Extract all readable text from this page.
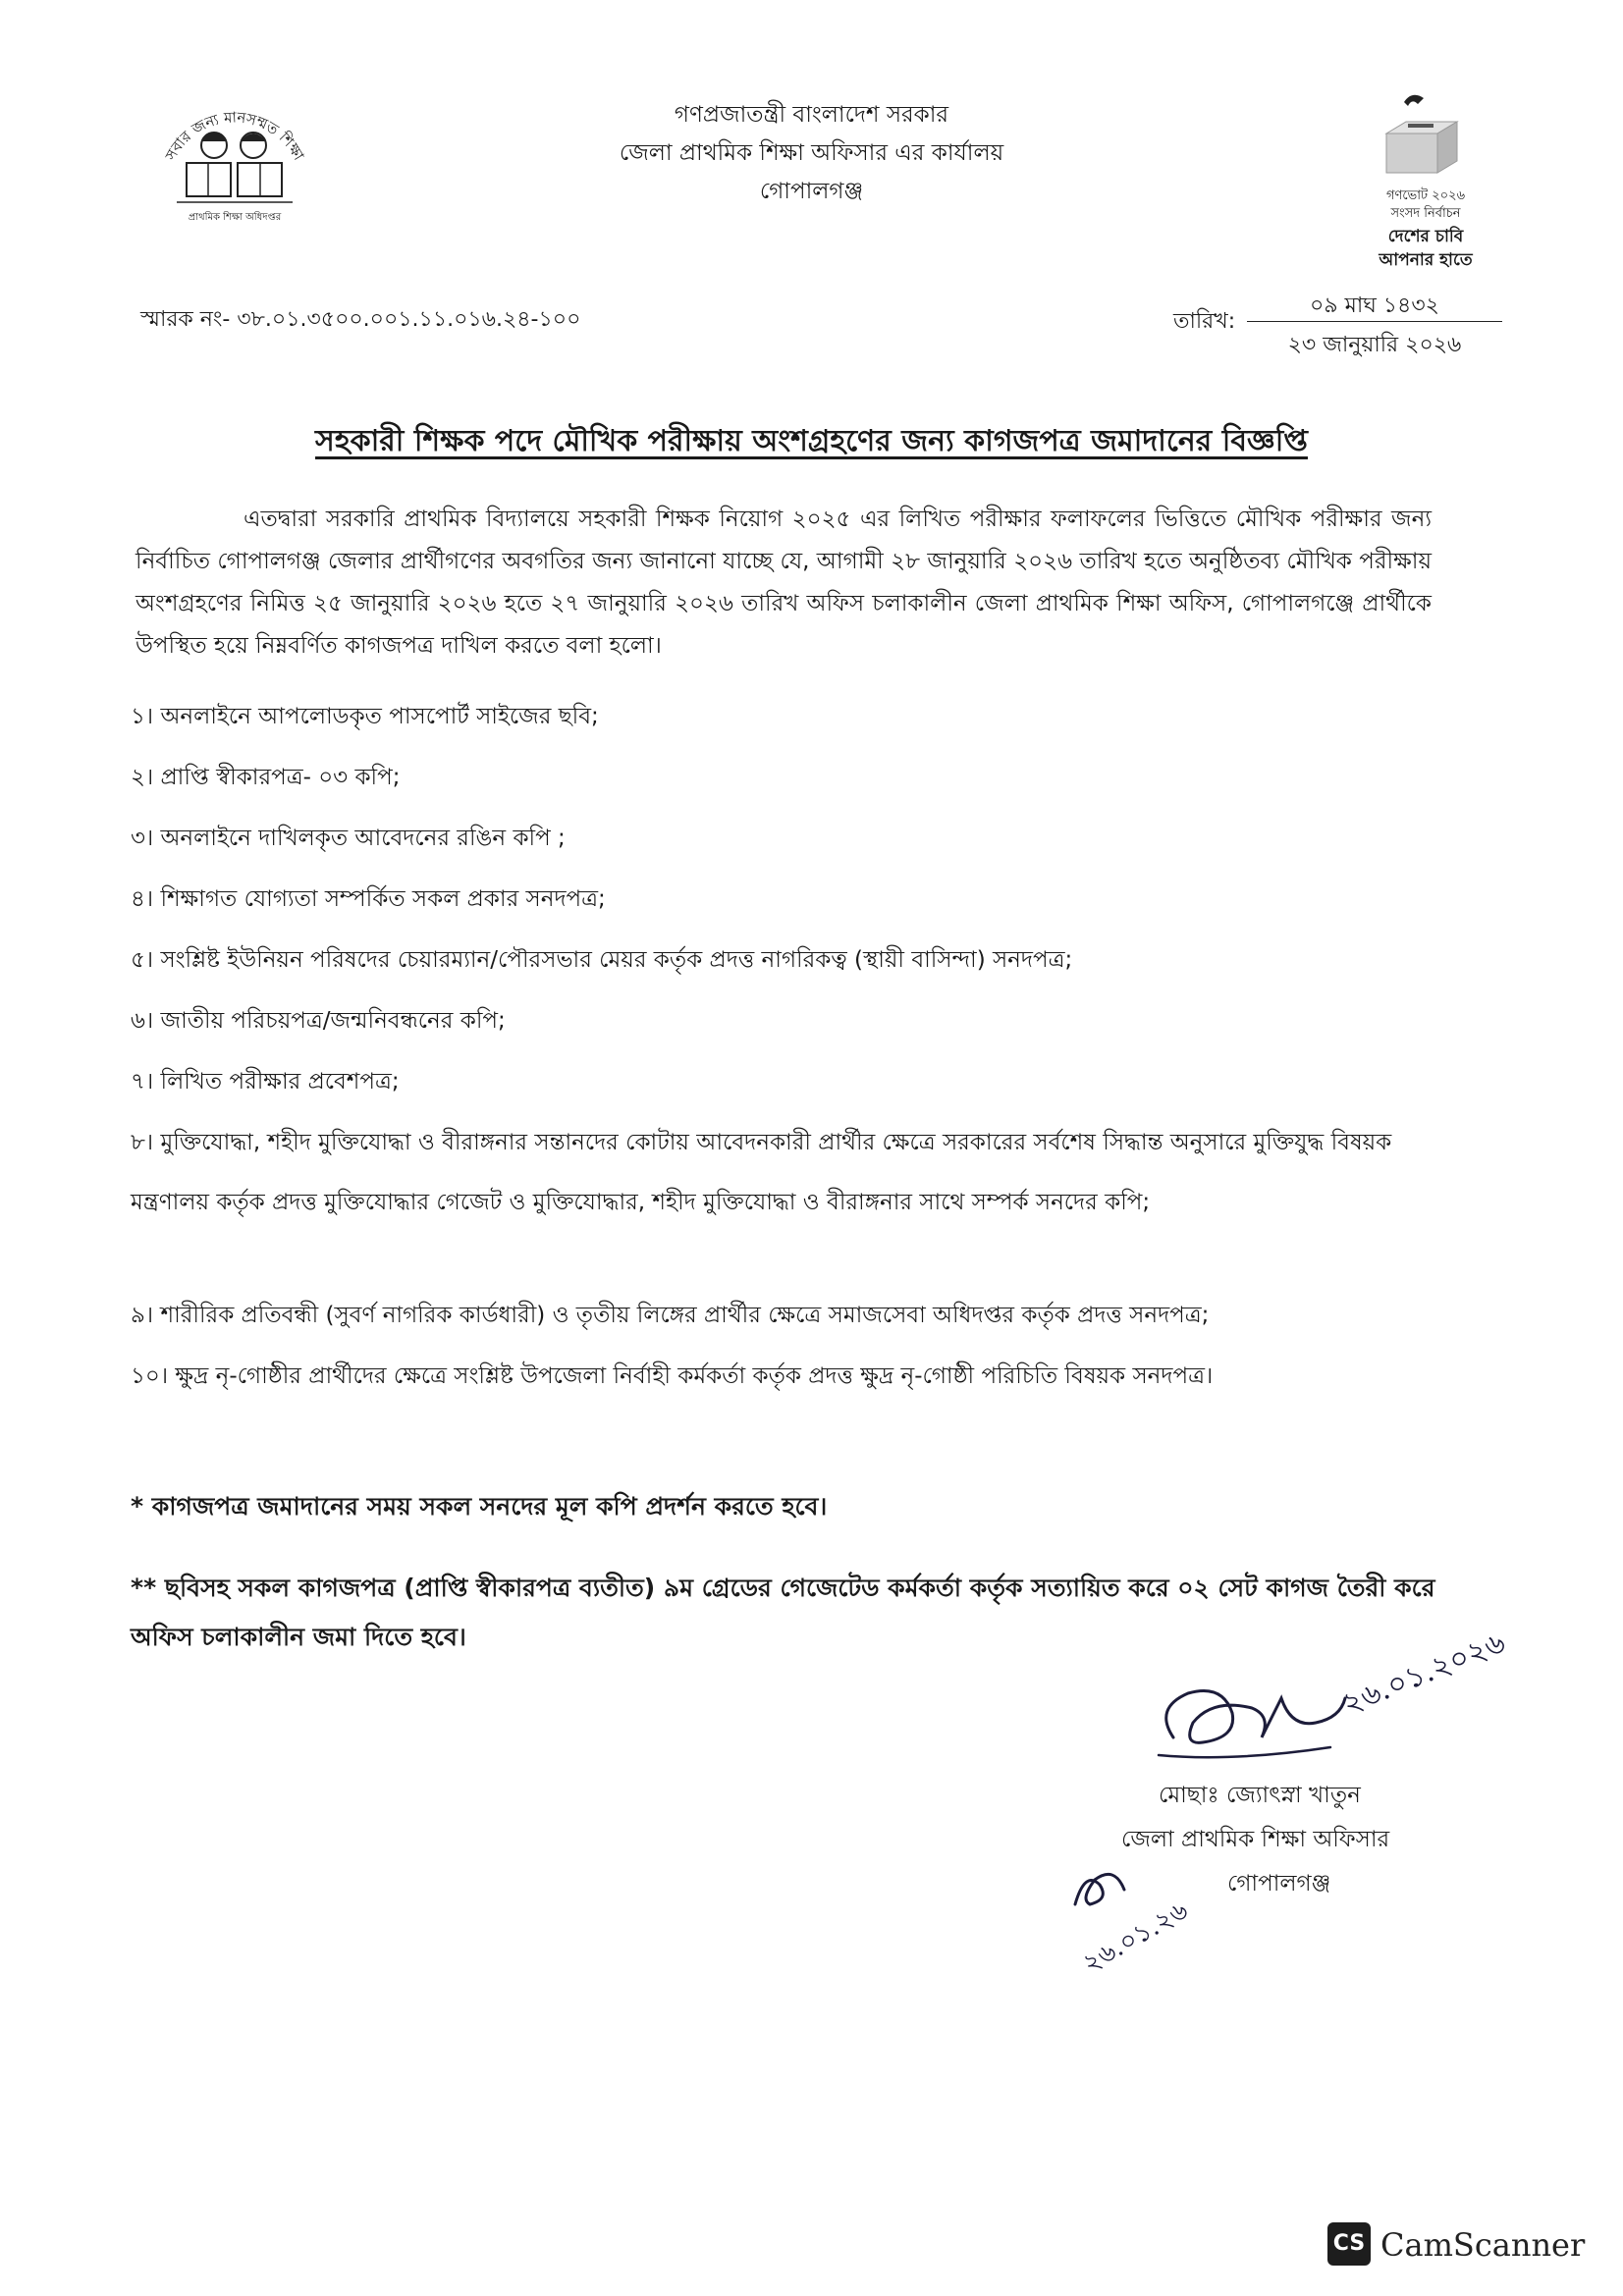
সবার জন্য মানসম্মত শিক্ষা
প্রাথমিক শিক্ষা অধিদপ্তর
গণপ্রজাতন্ত্রী বাংলাদেশ সরকার
জেলা প্রাথমিক শিক্ষা অফিসার এর কার্যালয়
গোপালগঞ্জ	গণভোট ২০২৬
সংসদ নির্বাচন
দেশের চাবি
আপনার হাতে
স্মারক নং- ৩৮.০১.৩৫০০.০০১.১১.০১৬.২৪-১০০	তারিখ:
০৯ মাঘ ১৪৩২
২৩ জানুয়ারি ২০২৬
সহকারী শিক্ষক পদে মৌখিক পরীক্ষায় অংশগ্রহণের জন্য কাগজপত্র জমাদানের বিজ্ঞপ্তি
এতদ্বারা সরকারি প্রাথমিক বিদ্যালয়ে সহকারী শিক্ষক নিয়োগ ২০২৫ এর লিখিত পরীক্ষার ফলাফলের ভিত্তিতে মৌখিক পরীক্ষার জন্য নির্বাচিত গোপালগঞ্জ জেলার প্রার্থীগণের অবগতির জন্য জানানো যাচ্ছে যে, আগামী ২৮ জানুয়ারি ২০২৬ তারিখ হতে অনুষ্ঠিতব্য মৌখিক পরীক্ষায় অংশগ্রহণের নিমিত্ত ২৫ জানুয়ারি ২০২৬ হতে ২৭ জানুয়ারি ২০২৬ তারিখ অফিস চলাকালীন জেলা প্রাথমিক শিক্ষা অফিস, গোপালগঞ্জে প্রার্থীকে উপস্থিত হয়ে নিম্নবর্ণিত কাগজপত্র দাখিল করতে বলা হলো।
১। অনলাইনে আপলোডকৃত পাসপোর্ট সাইজের ছবি;
২। প্রাপ্তি স্বীকারপত্র- ০৩ কপি;
৩। অনলাইনে দাখিলকৃত আবেদনের রঙিন কপি ;
৪। শিক্ষাগত যোগ্যতা সম্পর্কিত সকল প্রকার সনদপত্র;
৫। সংশ্লিষ্ট ইউনিয়ন পরিষদের চেয়ারম্যান/পৌরসভার মেয়র কর্তৃক প্রদত্ত নাগরিকত্ব (স্থায়ী বাসিন্দা) সনদপত্র;
৬। জাতীয় পরিচয়পত্র/জন্মনিবন্ধনের কপি;
৭। লিখিত পরীক্ষার প্রবেশপত্র;
৮। মুক্তিযোদ্ধা, শহীদ মুক্তিযোদ্ধা ও বীরাঙ্গনার সন্তানদের কোটায় আবেদনকারী প্রার্থীর ক্ষেত্রে সরকারের সর্বশেষ সিদ্ধান্ত অনুসারে মুক্তিযুদ্ধ বিষয়ক মন্ত্রণালয় কর্তৃক প্রদত্ত মুক্তিযোদ্ধার গেজেট ও মুক্তিযোদ্ধার, শহীদ মুক্তিযোদ্ধা ও বীরাঙ্গনার সাথে সম্পর্ক সনদের কপি;
৯। শারীরিক প্রতিবন্ধী (সুবর্ণ নাগরিক কার্ডধারী) ও তৃতীয় লিঙ্গের প্রার্থীর ক্ষেত্রে সমাজসেবা অধিদপ্তর কর্তৃক প্রদত্ত সনদপত্র;
১০। ক্ষুদ্র নৃ-গোষ্ঠীর প্রার্থীদের ক্ষেত্রে সংশ্লিষ্ট উপজেলা নির্বাহী কর্মকর্তা কর্তৃক প্রদত্ত ক্ষুদ্র নৃ-গোষ্ঠী পরিচিতি বিষয়ক সনদপত্র।
* কাগজপত্র জমাদানের সময় সকল সনদের মূল কপি প্রদর্শন করতে হবে।
** ছবিসহ সকল কাগজপত্র (প্রাপ্তি স্বীকারপত্র ব্যতীত) ৯ম গ্রেডের গেজেটেড কর্মকর্তা কর্তৃক সত্যায়িত করে ০২ সেট কাগজ তৈরী করে অফিস চলাকালীন জমা দিতে হবে।	২৬.০১.২০২৬
মোছাঃ জ্যোৎস্না খাতুন
জেলা প্রাথমিক শিক্ষা অফিসার
গোপালগঞ্জ
২৬.০১.২৬
CS CamScanner
